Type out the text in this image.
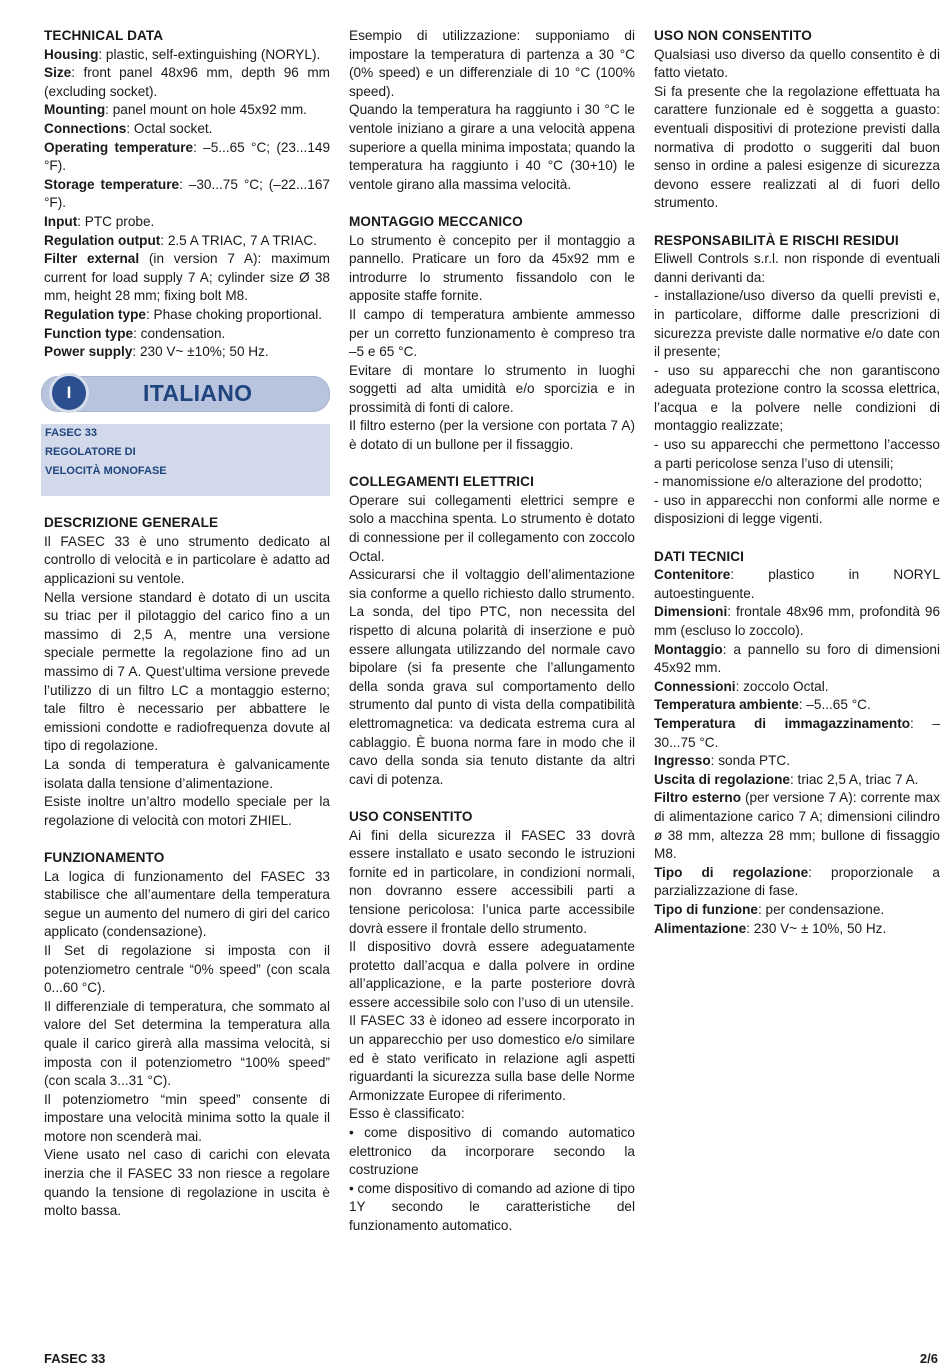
TECHNICAL DATA

Housing: plastic, self-extinguishing (NORYL).

Size: front panel 48x96 mm, depth 96 mm (excluding socket).

Mounting: panel mount on hole 45x92 mm.

Connections: Octal socket.

Operating temperature: –5...65 °C; (23...149 °F).

Storage temperature: –30...75 °C; (–22...167 °F).

Input: PTC probe.

Regulation output: 2.5 A TRIAC, 7 A TRIAC.

Filter external (in version 7 A): maximum current for load supply 7 A; cylinder size Ø 38 mm, height 28 mm; fixing bolt M8.

Regulation type: Phase choking proportional.

Function type: condensation.

Power supply: 230 V~ ±10%; 50 Hz.

I	ITALIANO
FASEC 33
REGOLATORE DI
VELOCITÀ MONOFASE

DESCRIZIONE GENERALE

Il FASEC 33 è uno strumento dedicato al controllo di velocità e in particolare è adatto ad applicazioni su ventole.

Nella versione standard è dotato di un uscita su triac per il pilotaggio del carico fino a un massimo di 2,5 A, mentre una versione speciale permette la regolazione fino ad un massimo di 7 A. Quest’ultima versione prevede l’utilizzo di un filtro LC a montaggio esterno; tale filtro è necessario per abbattere le emissioni condotte e radiofrequenza dovute al tipo di regolazione.

La sonda di temperatura è galvanicamente isolata dalla tensione d’alimentazione.

Esiste inoltre un’altro modello speciale per la regolazione di velocità con motori ZHIEL.

FUNZIONAMENTO

La logica di funzionamento del FASEC 33 stabilisce che all’aumentare della temperatura segue un aumento del numero di giri del carico applicato (condensazione).

Il Set di regolazione si imposta con il potenziometro centrale “0% speed” (con scala 0...60 °C).

Il differenziale di temperatura, che sommato al valore del Set determina la temperatura alla quale il carico girerà alla massima velocità, si imposta con il potenziometro “100% speed” (con scala 3...31 °C).

Il potenziometro “min speed” consente di impostare una velocità minima sotto la quale il motore non scenderà mai.

Viene usato nel caso di carichi con elevata inerzia che il FASEC 33 non riesce a regolare quando la tensione di regolazione in uscita è molto bassa.

Esempio di utilizzazione: supponiamo di impostare la temperatura di partenza a 30 °C (0% speed) e un differenziale di 10 °C (100% speed).

Quando la temperatura ha raggiunto i 30 °C le ventole iniziano a girare a una velocità appena superiore a quella minima impostata; quando la temperatura ha raggiunto i 40 °C (30+10) le ventole girano alla massima velocità.

MONTAGGIO MECCANICO

Lo strumento è concepito per il montaggio a pannello. Praticare un foro da 45x92 mm e introdurre lo strumento fissandolo con le apposite staffe fornite.

Il campo di temperatura ambiente ammesso per un corretto funzionamento è compreso tra –5 e 65 °C.

Evitare di montare lo strumento in luoghi soggetti ad alta umidità e/o sporcizia e in prossimità di fonti di calore.

Il filtro esterno (per la versione con portata 7 A) è dotato di un bullone per il fissaggio.

COLLEGAMENTI ELETTRICI

Operare sui collegamenti elettrici sempre e solo a macchina spenta. Lo strumento è dotato di connessione per il collegamento con zoccolo Octal.

Assicurarsi che il voltaggio dell’alimentazione sia conforme a quello richiesto dallo strumento. La sonda, del tipo PTC, non necessita del rispetto di alcuna polarità di inserzione e può essere allungata utilizzando del normale cavo bipolare (si fa presente che l’allungamento della sonda grava sul comportamento dello strumento dal punto di vista della compatibilità elettromagnetica: va dedicata estrema cura al cablaggio. È buona norma fare in modo che il cavo della sonda sia tenuto distante da altri cavi di potenza.

USO CONSENTITO

Ai fini della sicurezza il FASEC 33 dovrà essere installato e usato secondo le istruzioni fornite ed in particolare, in condizioni normali, non dovranno essere accessibili parti a tensione pericolosa: l’unica parte accessibile dovrà essere il frontale dello strumento.

Il dispositivo dovrà essere adeguatamente protetto dall’acqua e dalla polvere in ordine all’applicazione, e la parte posteriore dovrà essere accessibile solo con l’uso di un utensile.

Il FASEC 33 è idoneo ad essere incorporato in un apparecchio per uso domestico e/o similare ed è stato verificato in relazione agli aspetti riguardanti la sicurezza sulla base delle Norme Armonizzate Europee di riferimento.

Esso è classificato:

• come dispositivo di comando automatico elettronico da incorporare secondo la costruzione

• come dispositivo di comando ad azione di tipo 1Y secondo le caratteristiche del funzionamento automatico.

USO NON CONSENTITO

Qualsiasi uso diverso da quello consentito è di fatto vietato.

Si fa presente che la regolazione effettuata ha carattere funzionale ed è soggetta a guasto: eventuali dispositivi di protezione previsti dalla normativa di prodotto o suggeriti dal buon senso in ordine a palesi esigenze di sicurezza devono essere realizzati al di fuori dello strumento.

RESPONSABILITÀ E RISCHI RESIDUI

Eliwell Controls s.r.l. non risponde di eventuali danni derivanti da:

- installazione/uso diverso da quelli previsti e, in particolare, difforme dalle prescrizioni di sicurezza previste dalle normative e/o date con il presente;

- uso su apparecchi che non garantiscono adeguata protezione contro la scossa elettrica, l’acqua e la polvere nelle condizioni di montaggio realizzate;

- uso su apparecchi che permettono l’accesso a parti pericolose senza l’uso di utensili;

- manomissione e/o alterazione del prodotto;

- uso in apparecchi non conformi alle norme e disposizioni di legge vigenti.

DATI TECNICI

Contenitore: plastico in NORYL autoestinguente.

Dimensioni: frontale 48x96 mm, profondità 96 mm (escluso lo zoccolo).

Montaggio: a pannello su foro di dimensioni 45x92 mm.

Connessioni: zoccolo Octal.

Temperatura ambiente: –5...65 °C.

Temperatura di immagazzinamento: – 30...75 °C.

Ingresso: sonda PTC.

Uscita di regolazione: triac 2,5 A, triac 7 A.

Filtro esterno (per versione 7 A): corrente max di alimentazione carico 7 A; dimensioni cilindro ø 38 mm, altezza 28 mm; bullone di fissaggio M8.

Tipo di regolazione: proporzionale a parzializzazione di fase.

Tipo di funzione: per condensazione.

Alimentazione: 230 V~ ± 10%, 50 Hz.

FASEC 33	2/6
